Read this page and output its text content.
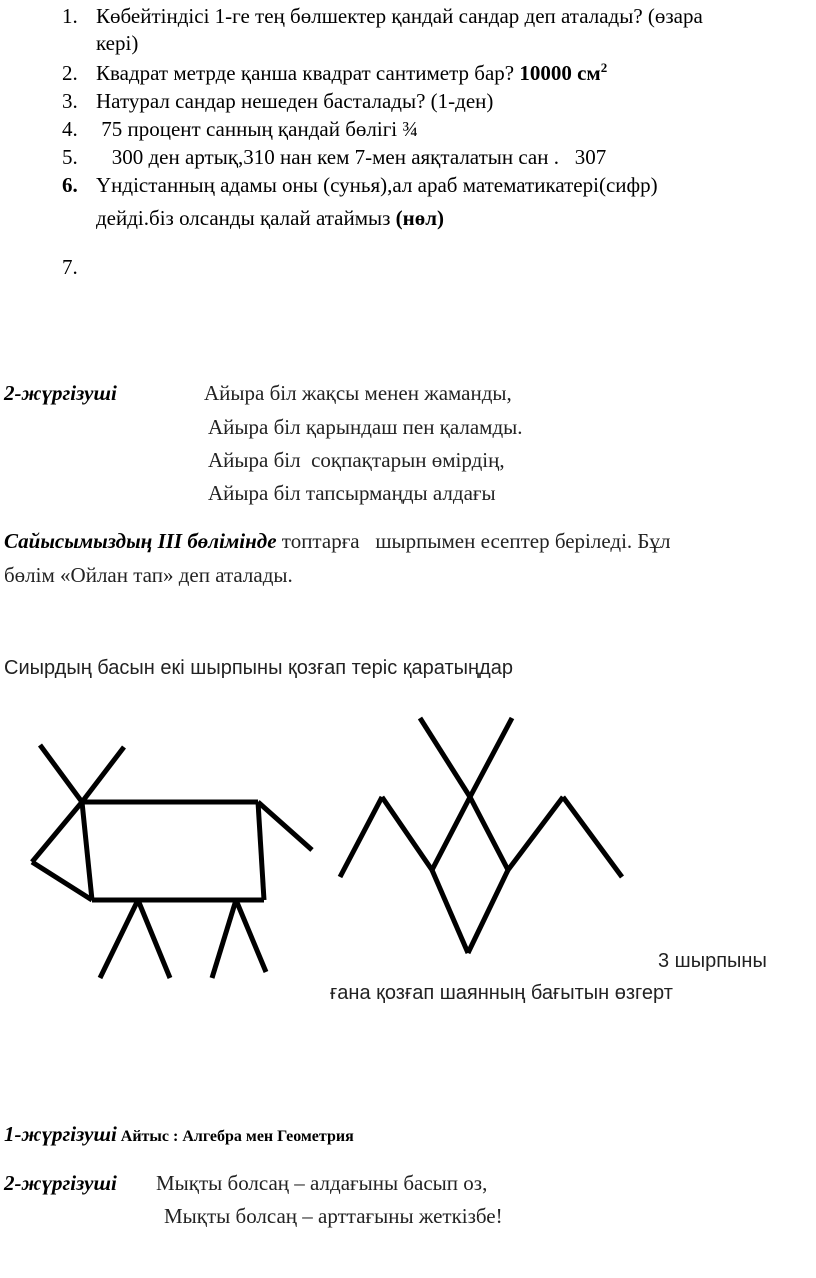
1. Көбейтіндісі 1-ге тең бөлшектер қандай сандар деп аталады? (өзара
кері)
2. Квадрат метрде қанша квадрат сантиметр бар? 10000 $см^2$
3. Натурал сандар нешеден басталады? (1-ден)
4. 75 процент санның қандай бөлігі ¾
5. 300 ден артық,310 нан кем 7-мен аяқталатын сан .   307
6. Үндістанның адамы оны (сунья),ал араб математикатері(сифр)
дейді.біз олсанды қалай атаймыз (нөл)
7.
2-жүргізуші	Айыра біл жақсы менен жаманды,
Айыра біл қарындаш пен қаламды.
Айыра біл  соқпақтарын өмірдің,
Айыра біл тапсырмаңды алдағы
Сайысымыздың ІІІ бөлімінде топтарға   шырпымен есептер беріледі. Бұл
бөлім «Ойлан тап» деп аталады.
Сиырдың басын екі шырпыны қозғап теріс қаратыңдар
3 шырпыны
ғана қозғап шаянның бағытын өзгерт
1-жүргізуші Айтыс : Алгебра мен Геометрия
2-жүргізуші Мықты болсаң – алдағыны басып оз,
Мықты болсаң – арттағыны жеткізбе!
